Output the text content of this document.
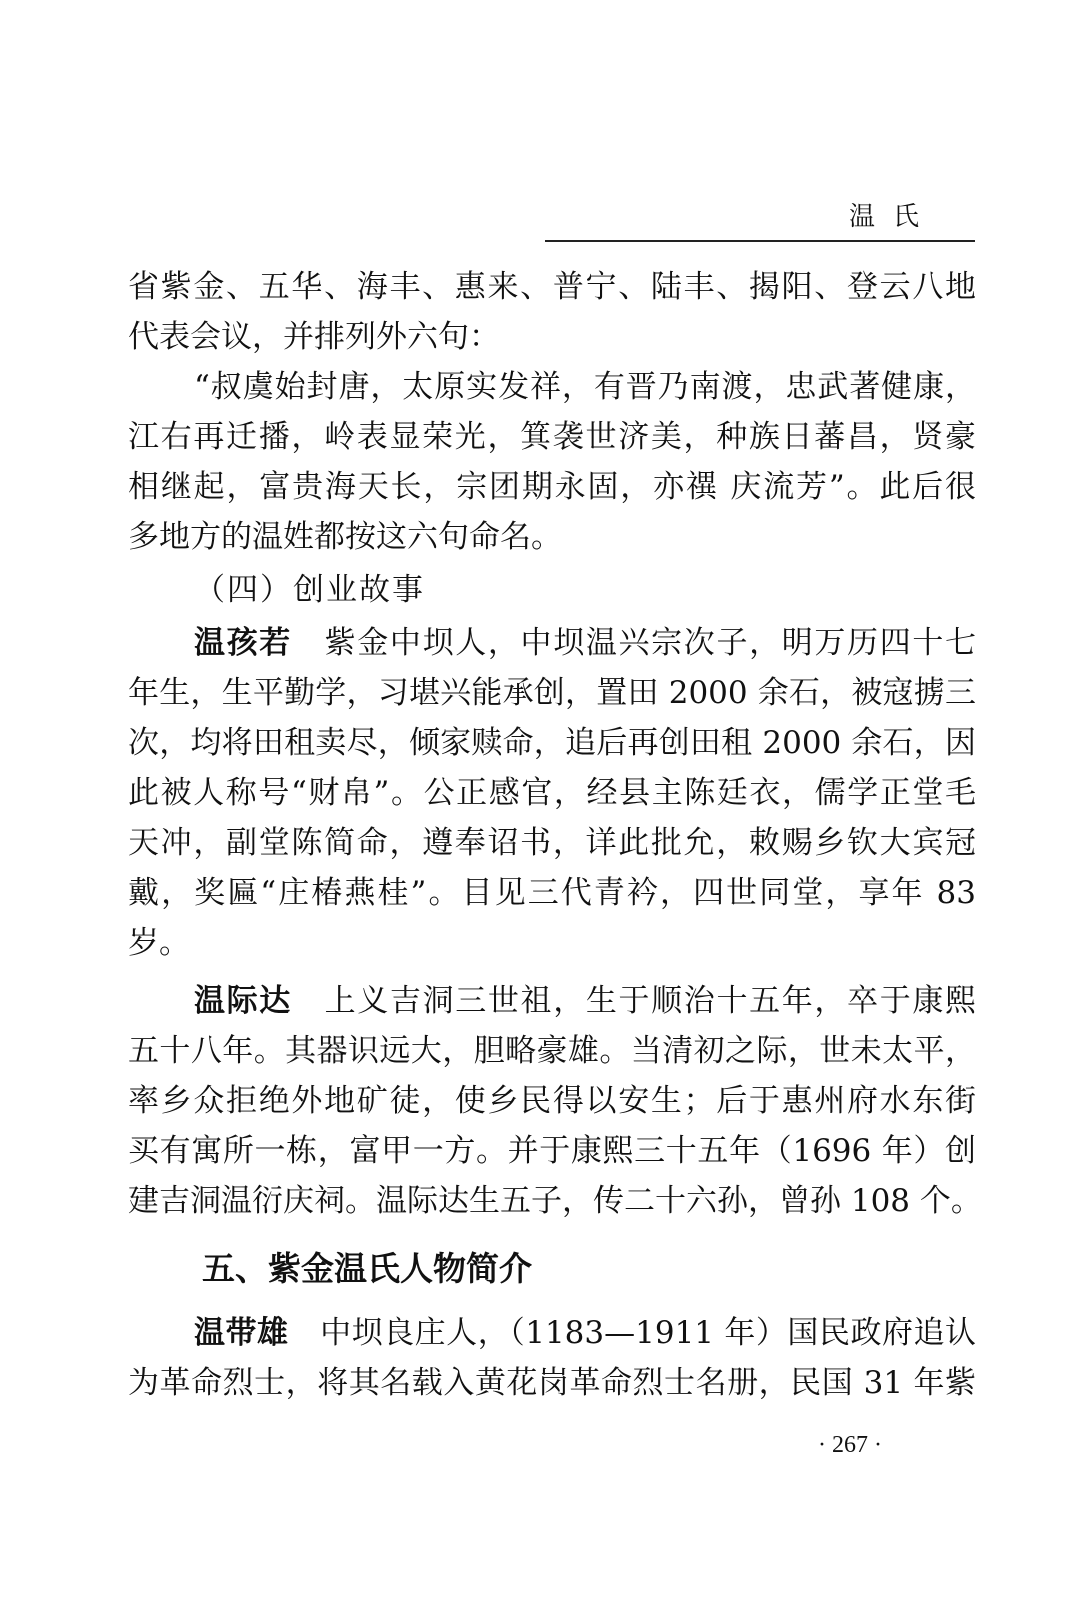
温氏
省紫金、五华、海丰、惠来、普宁、陆丰、揭阳、登云八地
代表会议，并排列外六句：
“叔虞始封唐，太原实发祥，有晋乃南渡，忠武著健康，
江右再迁播，岭表显荣光，箕袭世济美，种族日蕃昌，贤豪
相继起，富贵海天长，宗团期永固，亦禩 庆流芳”。此后很
多地方的温姓都按这六句命名。
（四）创业故事
温孩若　 紫金中坝人，中坝温兴宗次子，明万历四十七
年生，生平勤学，习堪兴能承创，置田 2000 余石，被寇掳三
次，均将田租卖尽，倾家赎命，追后再创田租 2000 余石，因
此被人称号“财帛”。公正感官，经县主陈廷衣，儒学正堂毛
天冲，副堂陈简命，遵奉诏书，详此批允，敕赐乡钦大宾冠
戴，奖匾“庄椿燕桂”。目见三代青衿，四世同堂，享年 83
岁。
温际达　 上义吉洞三世祖，生于顺治十五年，卒于康熙
五十八年。其器识远大，胆略豪雄。当清初之际，世未太平，
率乡众拒绝外地矿徒，使乡民得以安生；后于惠州府水东街
买有寓所一栋，富甲一方。并于康熙三十五年（1696 年）创
建吉洞温衍庆祠。温际达生五子，传二十六孙，曾孙 108 个。
五、紫金温氏人物简介
温带雄　 中坝良庄人，（1183—1911 年）国民政府追认
为革命烈士，将其名载入黄花岗革命烈士名册，民国 31 年紫
· 267 ·
